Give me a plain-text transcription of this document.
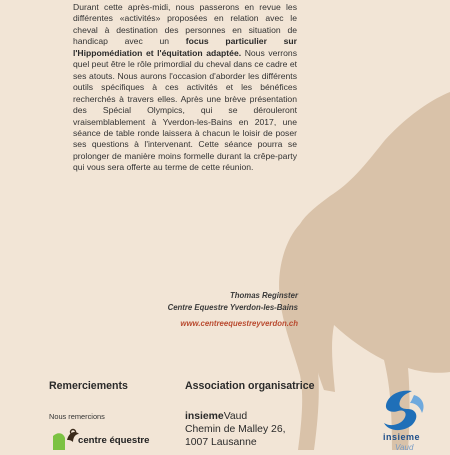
Durant cette après-midi, nous passerons en revue les différentes «activités» proposées en relation avec le cheval à destination des personnes en situation de handicap avec un focus particulier sur l'Hippomédiation et l'équitation adaptée. Nous verrons quel peut être le rôle primordial du cheval dans ce cadre et ses atouts. Nous aurons l'occasion d'aborder les différents outils spécifiques à ces activités et les bénéfices recherchés à travers elles. Après une brève présentation des Spécial Olympics, qui se dérouleront vraisemblablement à Yverdon-les-Bains en 2017, une séance de table ronde laissera à chacun le loisir de poser ses questions à l'intervenant. Cette séance pourra se prolonger de manière moins formelle durant la crêpe-party qui vous sera offerte au terme de cette réunion.

Thomas Reginster
Centre Equestre Yverdon-les-Bains
www.centreequestreyverdon.ch
Remerciements	Association organisatrice
Nous remercions
centre équestre
insiemeVaud
Chemin de Malley 26,
1007 Lausanne	insieme
Vaud
